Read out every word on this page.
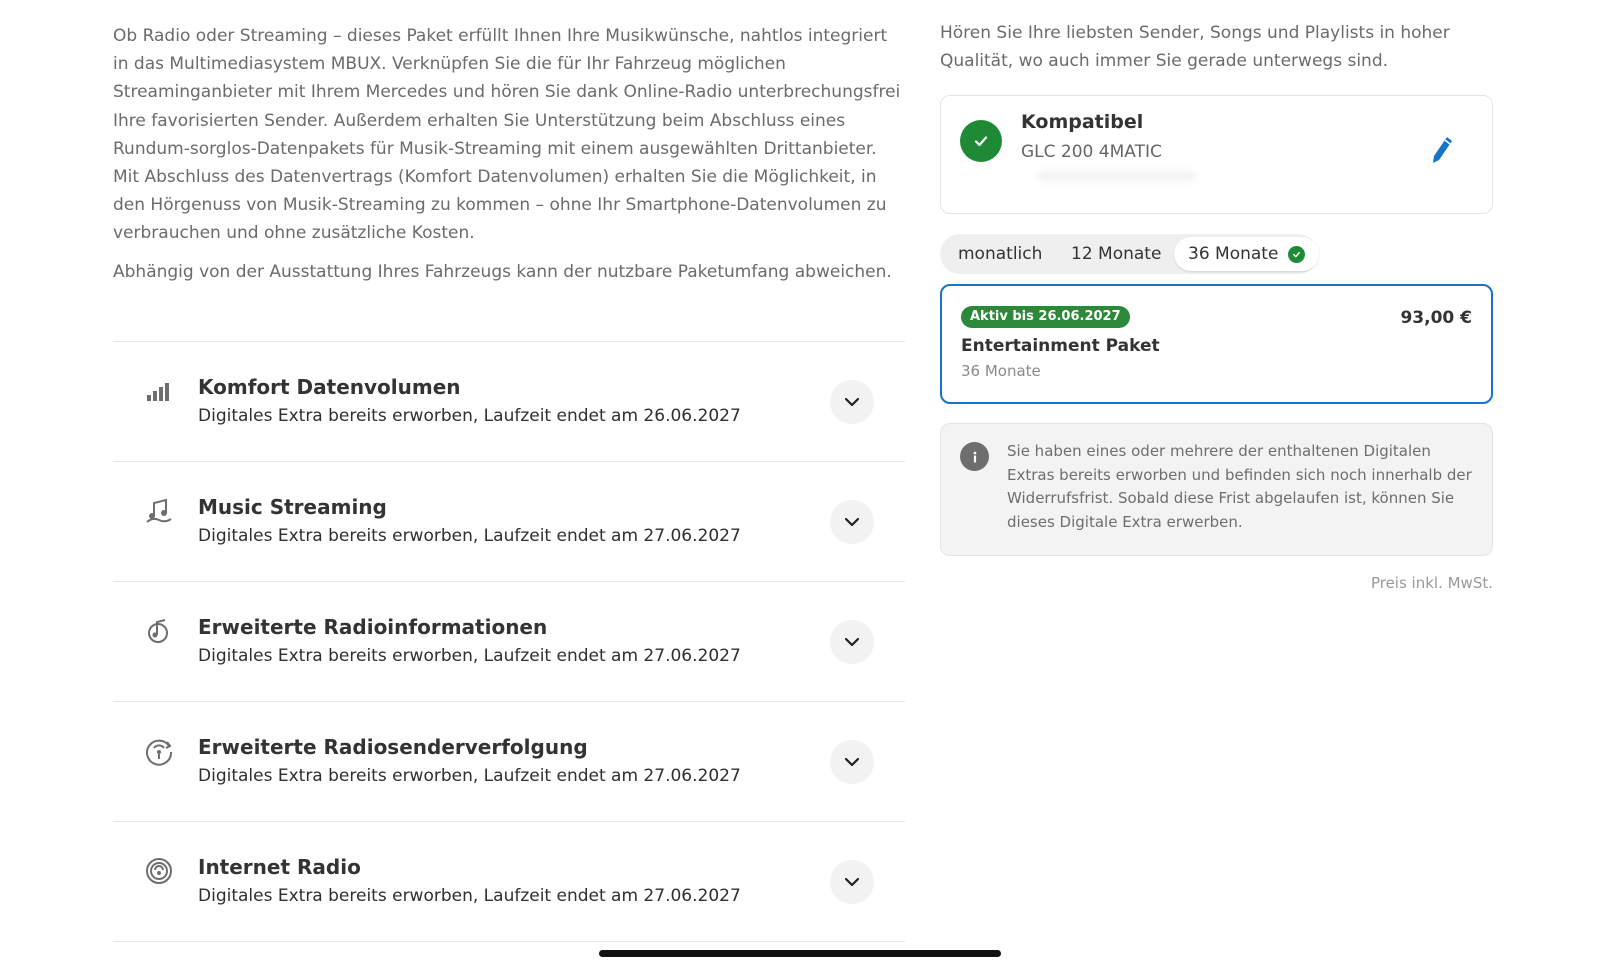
Ob Radio oder Streaming – dieses Paket erfüllt Ihnen Ihre Musikwünsche, nahtlos integriert in das Multimediasystem MBUX. Verknüpfen Sie die für Ihr Fahrzeug möglichen Streaminganbieter mit Ihrem Mercedes und hören Sie dank Online-Radio unterbrechungsfrei Ihre favorisierten Sender. Außerdem erhalten Sie Unterstützung beim Abschluss eines Rundum-sorglos-Datenpakets für Musik-Streaming mit einem ausgewählten Drittanbieter. Mit Abschluss des Datenvertrags (Komfort Datenvolumen) erhalten Sie die Möglichkeit, in den Hörgenuss von Musik-Streaming zu kommen – ohne Ihr Smartphone-Datenvolumen zu verbrauchen und ohne zusätzliche Kosten.

Abhängig von der Ausstattung Ihres Fahrzeugs kann der nutzbare Paketumfang abweichen.

Komfort Datenvolumen
Digitales Extra bereits erworben, Laufzeit endet am 26.06.2027
Music Streaming
Digitales Extra bereits erworben, Laufzeit endet am 27.06.2027
Erweiterte Radioinformationen
Digitales Extra bereits erworben, Laufzeit endet am 27.06.2027
Erweiterte Radiosenderverfolgung
Digitales Extra bereits erworben, Laufzeit endet am 27.06.2027
Internet Radio
Digitales Extra bereits erworben, Laufzeit endet am 27.06.2027

Hören Sie Ihre liebsten Sender, Songs und Playlists in hoher Qualität, wo auch immer Sie gerade unterwegs sind.

Kompatibel
GLC 200 4MATIC
monatlich 12 Monate 36 Monate
Aktiv bis 26.06.2027
Entertainment Paket
36 Monate
93,00 €

Sie haben eines oder mehrere der enthaltenen Digitalen Extras bereits erworben und befinden sich noch innerhalb der Widerrufsfrist. Sobald diese Frist abgelaufen ist, können Sie dieses Digitale Extra erwerben.

Preis inkl. MwSt.
